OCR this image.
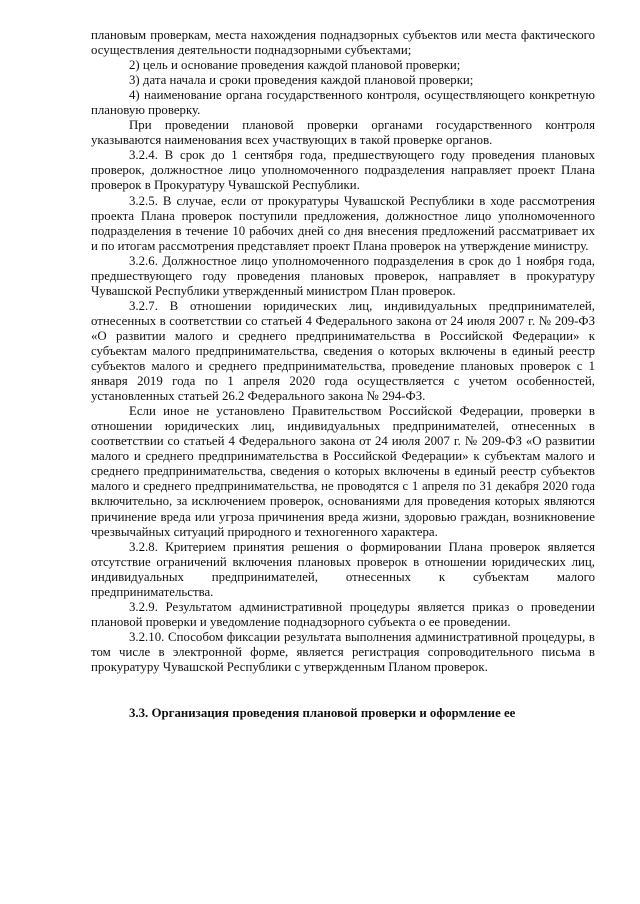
плановым проверкам, места нахождения поднадзорных субъектов или места фактического осуществления деятельности поднадзорными субъектами;

2) цель и основание проведения каждой плановой проверки;

3) дата начала и сроки проведения каждой плановой проверки;

4) наименование органа государственного контроля, осуществляющего конкретную плановую проверку.

При проведении плановой проверки органами государственного контроля указываются наименования всех участвующих в такой проверке органов.

3.2.4. В срок до 1 сентября года, предшествующего году проведения плановых проверок, должностное лицо уполномоченного подразделения направляет проект Плана проверок в Прокуратуру Чувашской Республики.

3.2.5. В случае, если от прокуратуры Чувашской Республики в ходе рассмотрения проекта Плана проверок поступили предложения, должностное лицо уполномоченного подразделения в течение 10 рабочих дней со дня внесения предложений рассматривает их и по итогам рассмотрения представляет проект Плана проверок на утверждение министру.

3.2.6. Должностное лицо уполномоченного подразделения в срок до 1 ноября года, предшествующего году проведения плановых проверок, направляет в прокуратуру Чувашской Республики утвержденный министром План проверок.

3.2.7. В отношении юридических лиц, индивидуальных предпринимателей, отнесенных в соответствии со статьей 4 Федерального закона от 24 июля 2007 г. № 209-ФЗ «О развитии малого и среднего предпринимательства в Российской Федерации» к субъектам малого предпринимательства, сведения о которых включены в единый реестр субъектов малого и среднего предпринимательства, проведение плановых проверок с 1 января 2019 года по 1 апреля 2020 года осуществляется с учетом особенностей, установленных статьей 26.2 Федерального закона № 294-ФЗ.

Если иное не установлено Правительством Российской Федерации, проверки в отношении юридических лиц, индивидуальных предпринимателей, отнесенных в соответствии со статьей 4 Федерального закона от 24 июля 2007 г. № 209-ФЗ «О развитии малого и среднего предпринимательства в Российской Федерации» к субъектам малого и среднего предпринимательства, сведения о которых включены в единый реестр субъектов малого и среднего предпринимательства, не проводятся с 1 апреля по 31 декабря 2020 года включительно, за исключением проверок, основаниями для проведения которых являются причинение вреда или угроза причинения вреда жизни, здоровью граждан, возникновение чрезвычайных ситуаций природного и техногенного характера.

3.2.8. Критерием принятия решения о формировании Плана проверок является отсутствие ограничений включения плановых проверок в отношении юридических лиц, индивидуальных предпринимателей, отнесенных к субъектам малого предпринимательства.

3.2.9. Результатом административной процедуры является приказ о проведении плановой проверки и уведомление поднадзорного субъекта о ее проведении.

3.2.10. Способом фиксации результата выполнения административной процедуры, в том числе в электронной форме, является регистрация сопроводительного письма в прокуратуру Чувашской Республики с утвержденным Планом проверок.

3.3. Организация проведения плановой проверки и оформление ее
